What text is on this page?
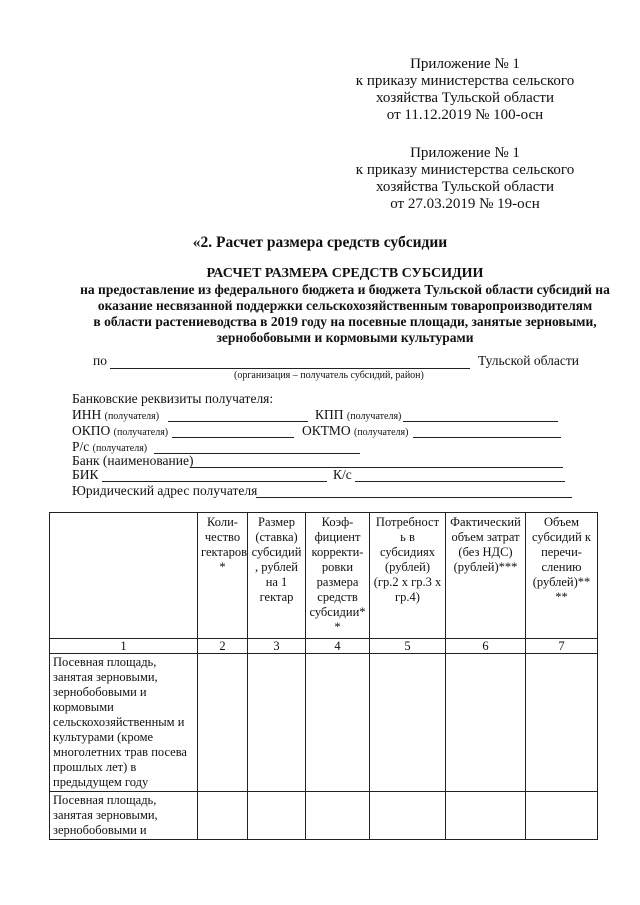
Приложение № 1
к приказу министерства сельского
хозяйства Тульской области
от 11.12.2019 № 100-осн
Приложение № 1
к приказу министерства сельского
хозяйства Тульской области
от 27.03.2019 № 19-осн
«2. Расчет размера средств субсидии
РАСЧЕТ РАЗМЕРА СРЕДСТВ СУБСИДИИ
на предоставление из федерального бюджета и бюджета Тульской области субсидий на
оказание несвязанной поддержки сельскохозяйственным товаропроизводителям
в области растениеводства в 2019 году на посевные площади, занятые зерновыми,
зернобобовыми и кормовыми культурами
по	Тульской области
(организация – получатель субсидий, район)
Банковские реквизиты получателя:
ИНН (получателя)	КПП (получателя)
ОКПО (получателя)	ОКТМО (получателя)
Р/с (получателя)
Банк (наименование)
БИК	К/с
Юридический адрес получателя
	Коли-чество гектаров *	Размер (ставка) субсидий , рублей на 1 гектар	Коэф-фициент корректи-ровки размера средств субсидии* *	Потребност ь в субсидиях (рублей) (гр.2 х гр.3 х гр.4)	Фактический объем затрат (без НДС) (рублей)***	Объем субсидий к перечи-слению (рублей)** **
1	2	3	4	5	6	7
Посевная площадь, занятая зерновыми, зернобобовыми и кормовыми сельскохозяйственным и культурами (кроме многолетних трав посева прошлых лет) в предыдущем году						
Посевная площадь, занятая зерновыми, зернобобовыми и						
